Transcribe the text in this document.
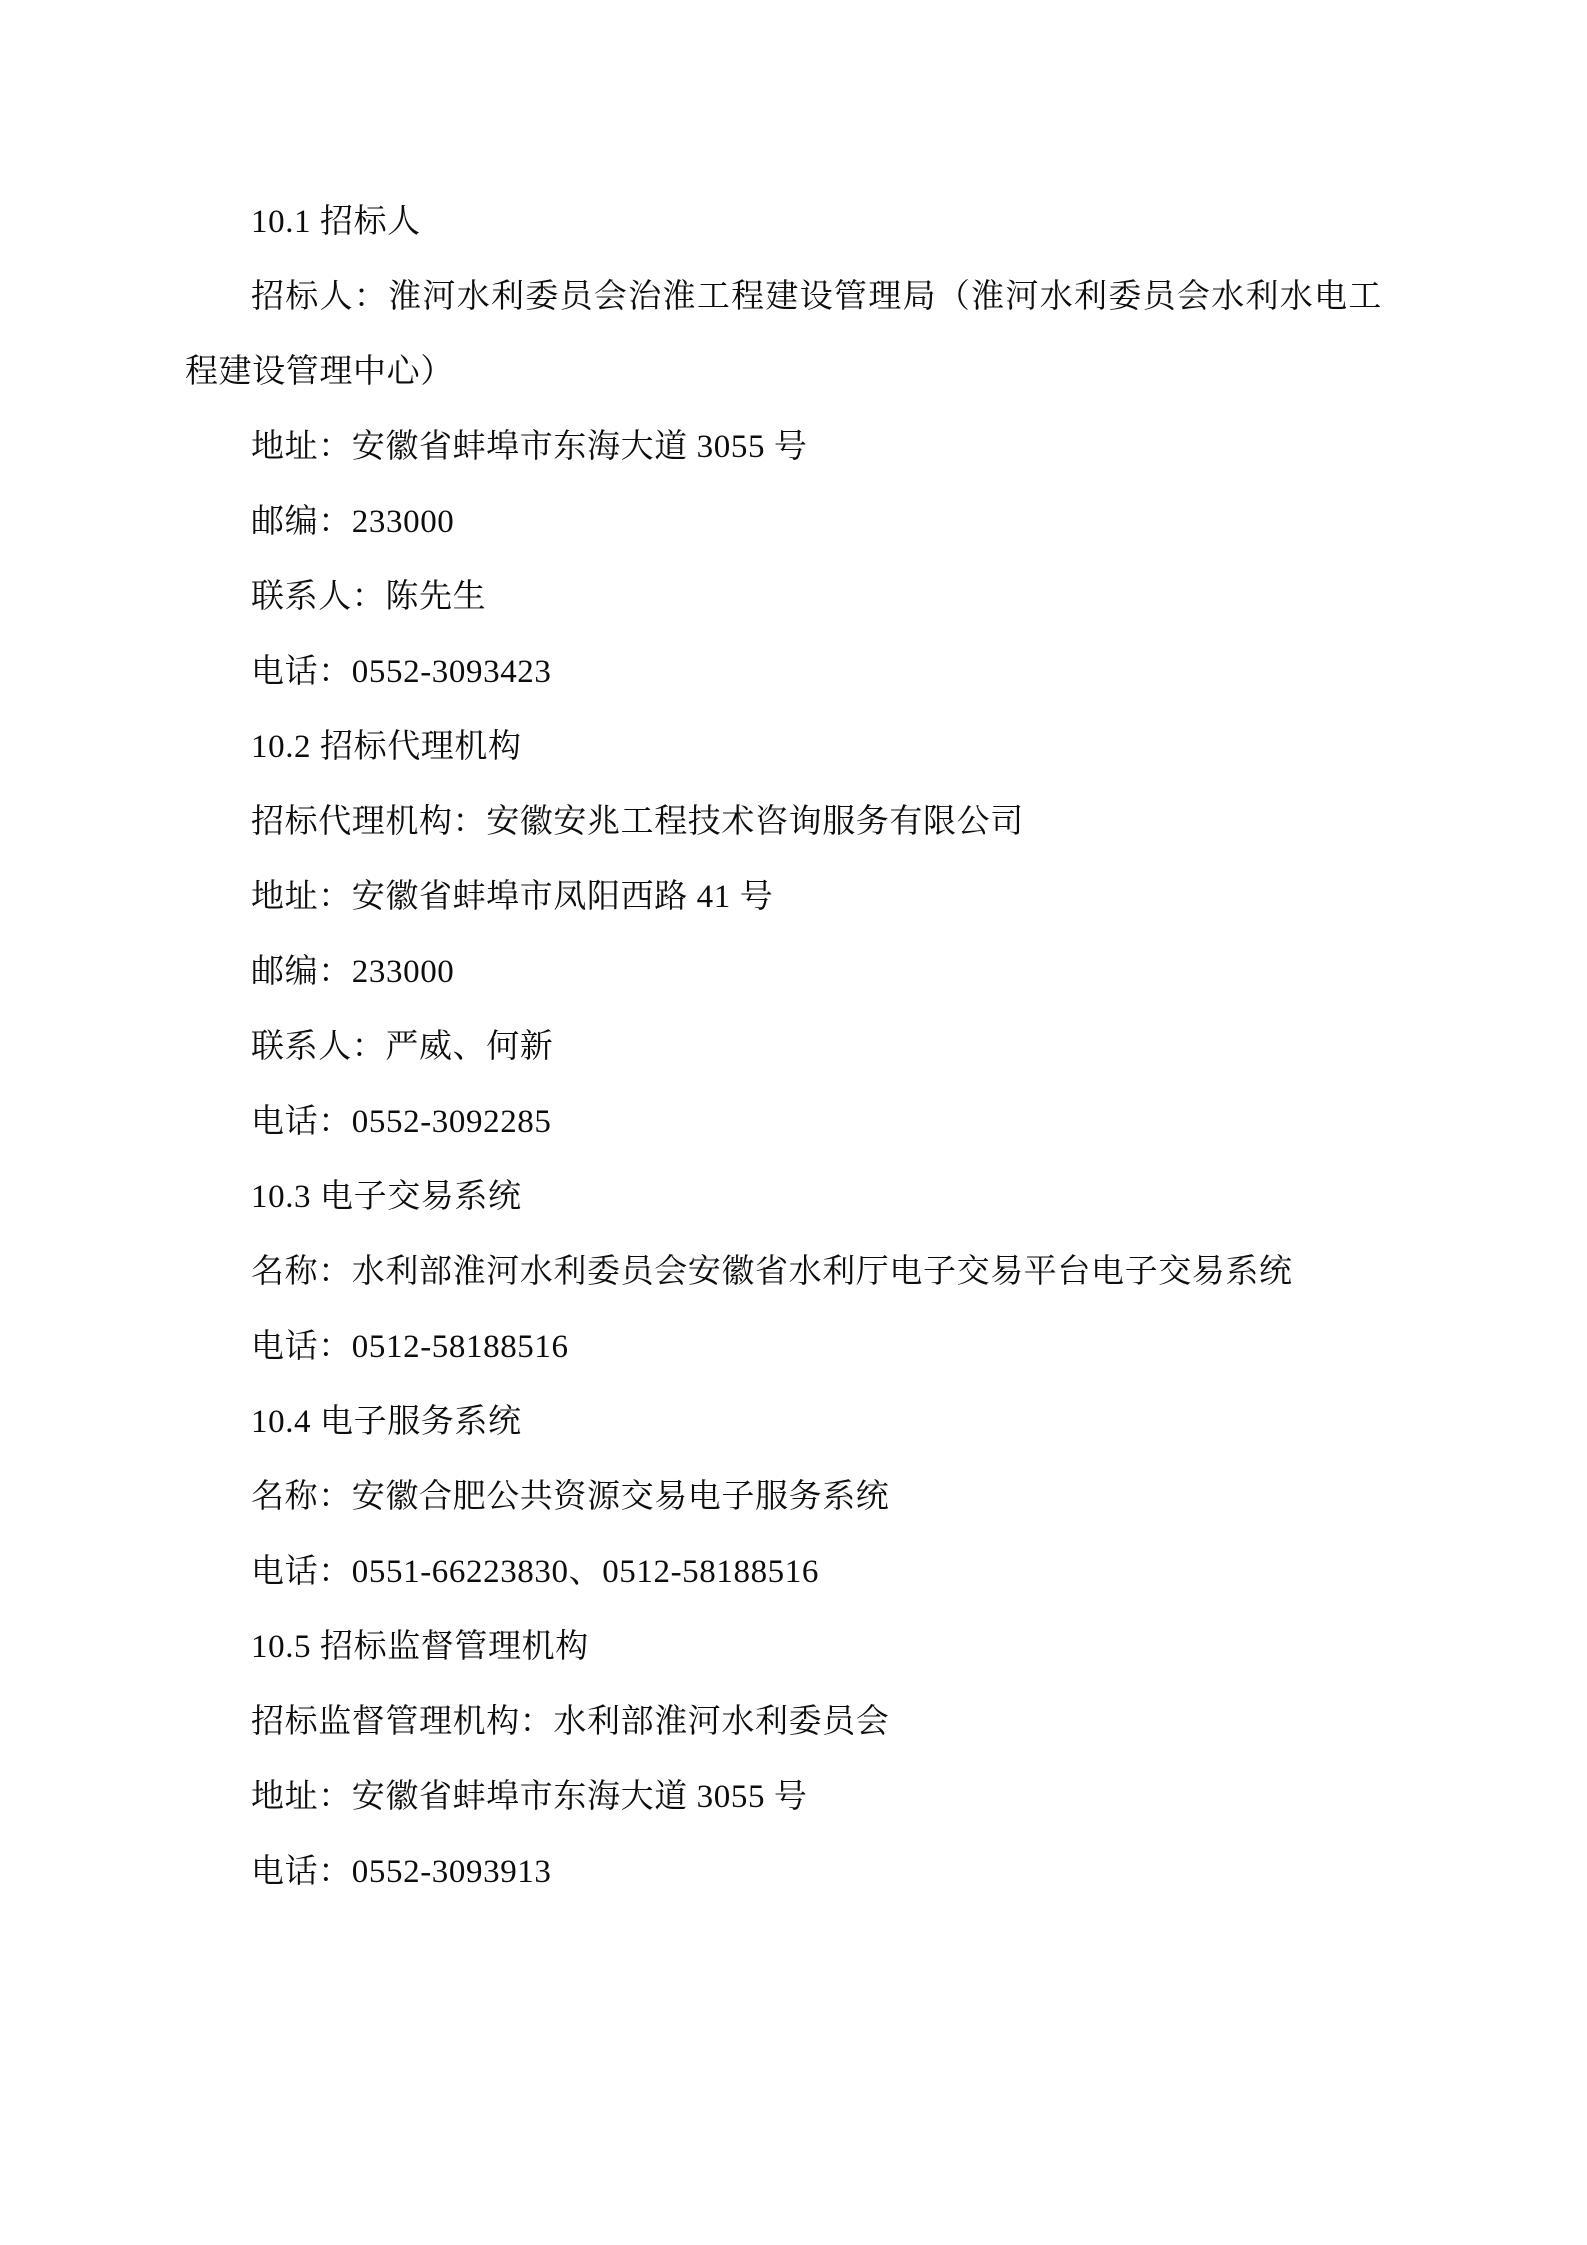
10.1 招标人

招标人：淮河水利委员会治淮工程建设管理局（淮河水利委员会水利水电工程建设管理中心）

地址：安徽省蚌埠市东海大道 3055 号

邮编：233000

联系人：陈先生

电话：0552-3093423

10.2 招标代理机构

招标代理机构：安徽安兆工程技术咨询服务有限公司

地址：安徽省蚌埠市凤阳西路 41 号

邮编：233000

联系人：严威、何新

电话：0552-3092285

10.3 电子交易系统

名称：水利部淮河水利委员会安徽省水利厅电子交易平台电子交易系统

电话：0512-58188516

10.4 电子服务系统

名称：安徽合肥公共资源交易电子服务系统

电话：0551-66223830、0512-58188516

10.5 招标监督管理机构

招标监督管理机构：水利部淮河水利委员会

地址：安徽省蚌埠市东海大道 3055 号

电话：0552-3093913
